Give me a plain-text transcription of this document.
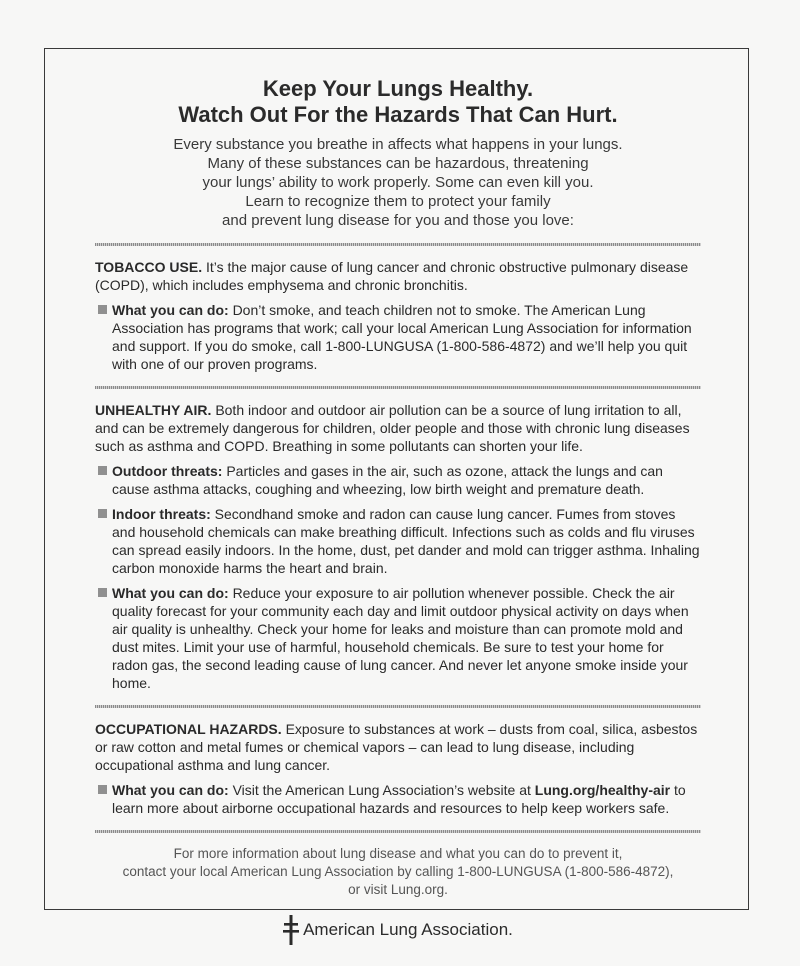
Keep Your Lungs Healthy.
Watch Out For the Hazards That Can Hurt.

Every substance you breathe in affects what happens in your lungs.
Many of these substances can be hazardous, threatening
your lungs’ ability to work properly. Some can even kill you.
Learn to recognize them to protect your family
and prevent lung disease for you and those you love:

TOBACCO USE. It’s the major cause of lung cancer and chronic obstructive pulmonary disease (COPD), which includes emphysema and chronic bronchitis.

What you can do: Don’t smoke, and teach children not to smoke. The American Lung Association has programs that work; call your local American Lung Association for information and support. If you do smoke, call 1-800-LUNGUSA (1-800-586-4872) and we’ll help you quit with one of our proven programs.

UNHEALTHY AIR. Both indoor and outdoor air pollution can be a source of lung irritation to all, and can be extremely dangerous for children, older people and those with chronic lung diseases such as asthma and COPD. Breathing in some pollutants can shorten your life.

Outdoor threats: Particles and gases in the air, such as ozone, attack the lungs and can cause asthma attacks, coughing and wheezing, low birth weight and premature death.
Indoor threats: Secondhand smoke and radon can cause lung cancer. Fumes from stoves and household chemicals can make breathing difficult. Infections such as colds and flu viruses can spread easily indoors. In the home, dust, pet dander and mold can trigger asthma. Inhaling carbon monoxide harms the heart and brain.
What you can do: Reduce your exposure to air pollution whenever possible. Check the air quality forecast for your community each day and limit outdoor physical activity on days when air quality is unhealthy. Check your home for leaks and moisture than can promote mold and dust mites. Limit your use of harmful, household chemicals. Be sure to test your home for radon gas, the second leading cause of lung cancer. And never let anyone smoke inside your home.

OCCUPATIONAL HAZARDS. Exposure to substances at work – dusts from coal, silica, asbestos or raw cotton and metal fumes or chemical vapors – can lead to lung disease, including occupational asthma and lung cancer.

What you can do: Visit the American Lung Association’s website at Lung.org/healthy-air to learn more about airborne occupational hazards and resources to help keep workers safe.

For more information about lung disease and what you can do to prevent it,
contact your local American Lung Association by calling 1-800-LUNGUSA (1-800-586-4872),
or visit Lung.org.

American Lung Association.
